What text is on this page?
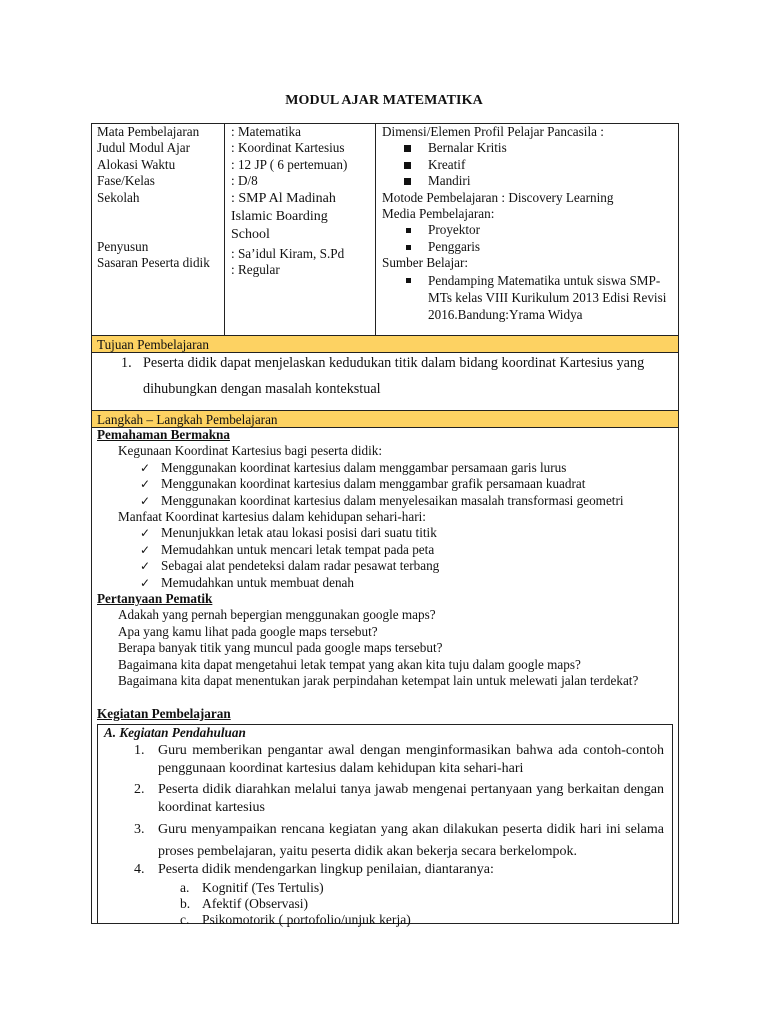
MODUL AJAR MATEMATIKA
Mata Pembelajaran
Judul Modul Ajar
Alokasi Waktu
Fase/Kelas
Sekolah
Penyusun
Sasaran Peserta didik
: Matematika
: Koordinat Kartesius
: 12 JP ( 6 pertemuan)
: D/8
: SMP Al Madinah Islamic Boarding School
: Sa’idul Kiram, S.Pd
: Regular
Dimensi/Elemen Profil Pelajar Pancasila :
Bernalar Kritis
Kreatif
Mandiri
Motode Pembelajaran : Discovery Learning
Media Pembelajaran:
Proyektor
Penggaris
Sumber Belajar:
Pendamping Matematika untuk siswa SMP-MTs kelas VIII Kurikulum 2013 Edisi Revisi 2016.Bandung:Yrama Widya
Tujuan Pembelajaran
1. Peserta didik dapat menjelaskan kedudukan titik dalam bidang koordinat Kartesius yang dihubungkan dengan masalah kontekstual
Langkah – Langkah Pembelajaran
Pemahaman Bermakna
Kegunaan Koordinat Kartesius bagi peserta didik:
✓ Menggunakan koordinat kartesius dalam menggambar persamaan garis lurus
✓ Menggunakan koordinat kartesius dalam menggambar grafik persamaan kuadrat
✓ Menggunakan koordinat kartesius dalam menyelesaikan masalah transformasi geometri
Manfaat Koordinat kartesius dalam kehidupan sehari-hari:
✓ Menunjukkan letak atau lokasi posisi dari suatu titik
✓ Memudahkan untuk mencari letak tempat pada peta
✓ Sebagai alat pendeteksi dalam radar pesawat terbang
✓ Memudahkan untuk membuat denah
Pertanyaan Pematik
Adakah yang pernah bepergian menggunakan google maps?
Apa yang kamu lihat pada google maps tersebut?
Berapa banyak titik yang muncul pada google maps tersebut?
Bagaimana kita dapat mengetahui letak tempat yang akan kita tuju dalam google maps?
Bagaimana kita dapat menentukan jarak perpindahan ketempat lain untuk melewati jalan terdekat?
Kegiatan Pembelajaran
A. Kegiatan Pendahuluan
1. Guru memberikan pengantar awal dengan menginformasikan bahwa ada contoh-contoh penggunaan koordinat kartesius dalam kehidupan kita sehari-hari
2. Peserta didik diarahkan melalui tanya jawab mengenai pertanyaan yang berkaitan dengan koordinat kartesius
3. Guru menyampaikan rencana kegiatan yang akan dilakukan peserta didik hari ini selama proses pembelajaran, yaitu peserta didik akan bekerja secara berkelompok.
4. Peserta didik mendengarkan lingkup penilaian, diantaranya:
a. Kognitif (Tes Tertulis)
b. Afektif (Observasi)
c. Psikomotorik ( portofolio/unjuk kerja)
